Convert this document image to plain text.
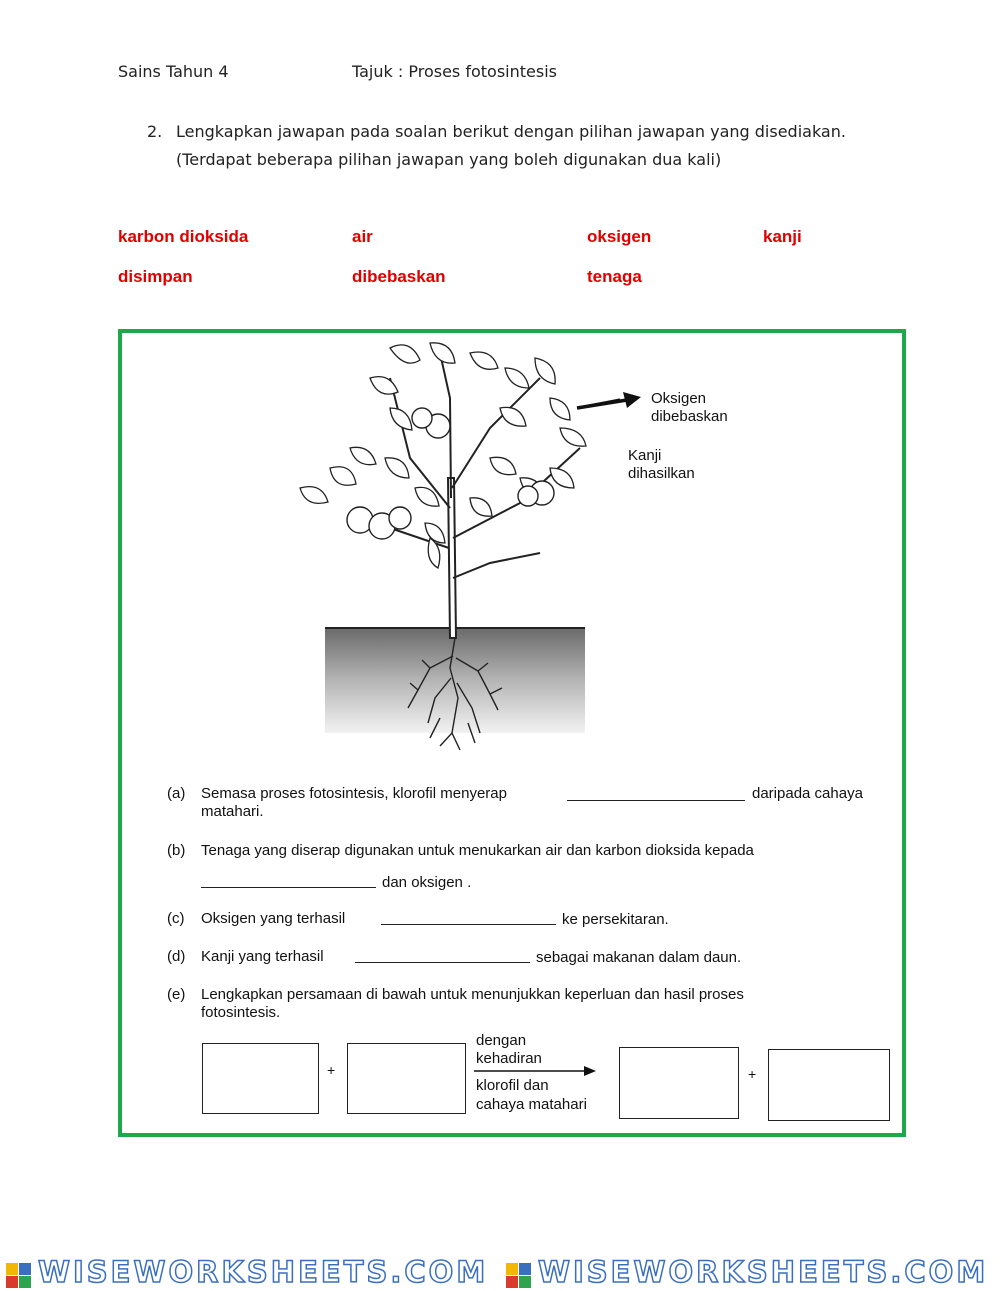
Sains Tahun 4	Tajuk : Proses fotosintesis
2. Lengkapkan jawapan pada soalan berikut dengan pilihan jawapan yang disediakan.
(Terdapat beberapa pilihan jawapan yang boleh digunakan dua kali)
karbon dioksida	air	oksigen	kanji
disimpan	dibebaskan	tenaga
Oksigen
dibebaskan
Kanji
dihasilkan
(a) Semasa proses fotosintesis, klorofil menyerap	daripada cahaya
matahari.
(b) Tenaga yang diserap digunakan untuk menukarkan air dan karbon dioksida kepada
dan oksigen .
(c) Oksigen yang terhasil	ke persekitaran.
(d) Kanji yang terhasil	sebagai makanan dalam daun.
(e) Lengkapkan persamaan di bawah untuk menunjukkan keperluan dan hasil proses
fotosintesis.
+
dengan
kehadiran
klorofil dan
cahaya matahari
+
WISEWORKSHEETS.COM WISEWORKSHEETS.COM
